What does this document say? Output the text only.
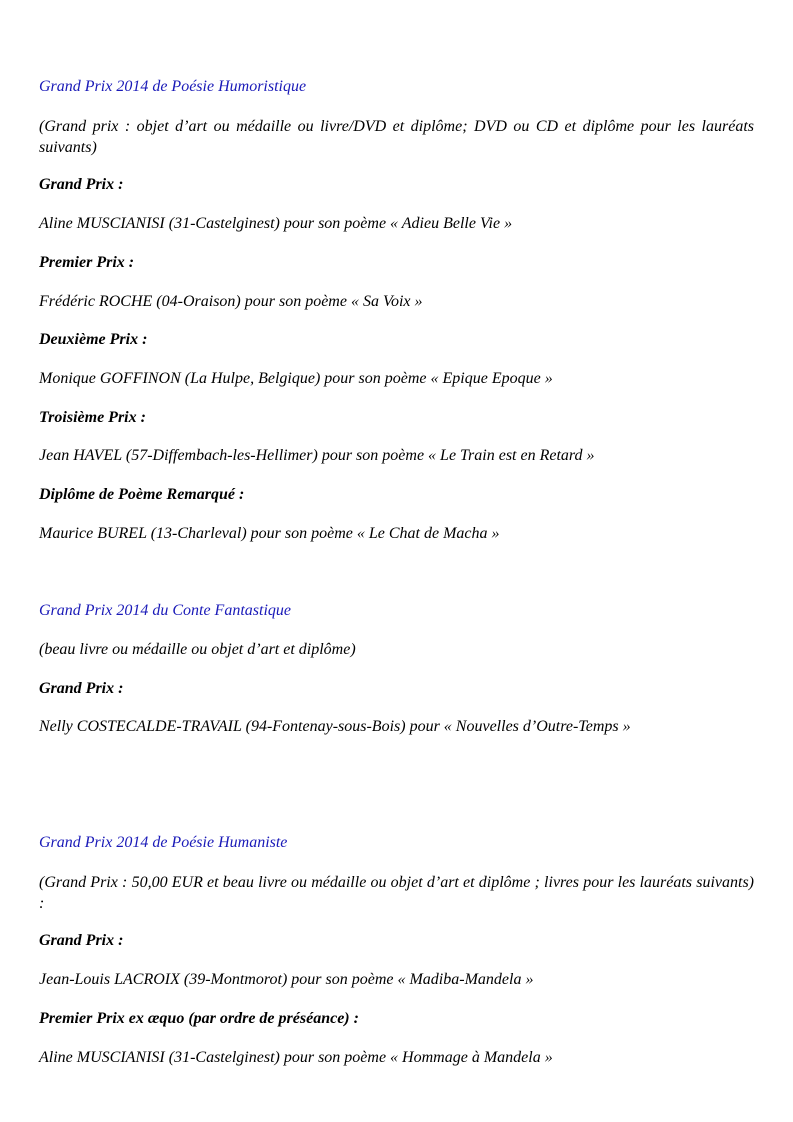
Grand Prix 2014 de Poésie Humoristique
(Grand prix : objet d’art ou médaille ou livre/DVD et diplôme; DVD ou CD et diplôme pour les lauréats suivants)
Grand Prix :
Aline MUSCIANISI (31-Castelginest) pour son poème « Adieu Belle Vie »
Premier Prix :
Frédéric ROCHE (04-Oraison) pour son poème « Sa Voix »
Deuxième Prix :
Monique GOFFINON (La Hulpe, Belgique) pour son poème « Epique Epoque »
Troisième Prix :
Jean HAVEL (57-Diffembach-les-Hellimer) pour son poème « Le Train est en Retard »
Diplôme de Poème Remarqué :
Maurice BUREL (13-Charleval) pour son poème « Le Chat de Macha »
Grand Prix 2014 du Conte Fantastique
(beau livre ou médaille ou objet d’art et diplôme)
Grand Prix :
Nelly COSTECALDE-TRAVAIL (94-Fontenay-sous-Bois) pour « Nouvelles d’Outre-Temps »
Grand Prix 2014 de Poésie Humaniste
(Grand Prix : 50,00 EUR et beau livre ou médaille ou objet d’art et diplôme ; livres pour les lauréats suivants) :
Grand Prix :
Jean-Louis LACROIX (39-Montmorot) pour son poème « Madiba-Mandela »
Premier Prix ex æquo (par ordre de préséance) :
Aline MUSCIANISI (31-Castelginest) pour son poème « Hommage à Mandela »
